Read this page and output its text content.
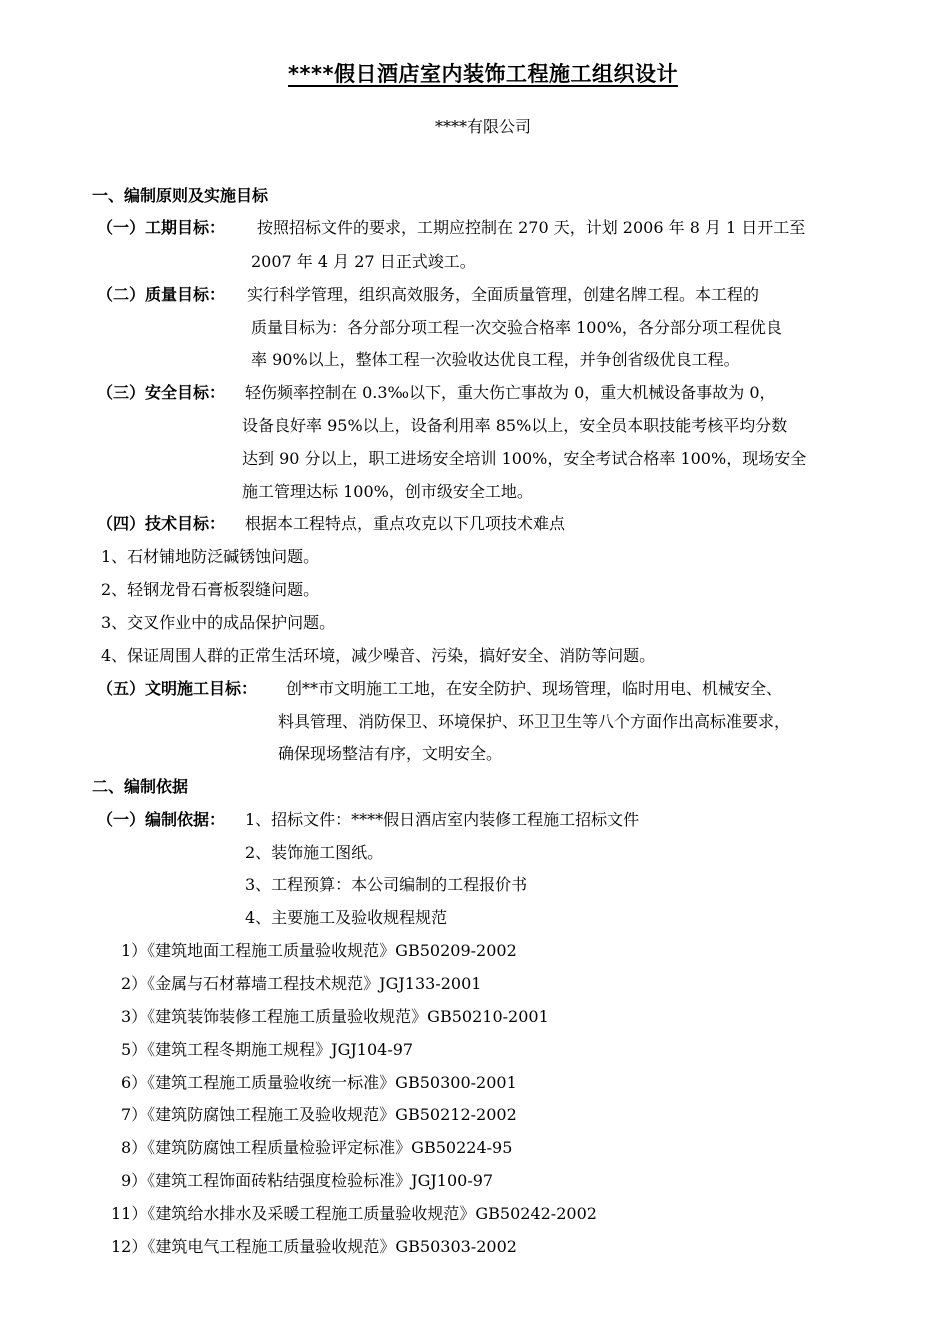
****假日酒店室内装饰工程施工组织设计
****有限公司
一、编制原则及实施目标
（一）工期目标： 按照招标文件的要求，工期应控制在 270 天，计划 2006 年 8 月 1 日开工至
2007 年 4 月 27 日正式竣工。
（二）质量目标： 实行科学管理，组织高效服务，全面质量管理，创建名牌工程。本工程的
质量目标为：各分部分项工程一次交验合格率 100%，各分部分项工程优良
率 90%以上，整体工程一次验收达优良工程，并争创省级优良工程。
（三）安全目标： 轻伤频率控制在 0.3‰以下，重大伤亡事故为 0，重大机械设备事故为 0，
设备良好率 95%以上，设备利用率 85%以上，安全员本职技能考核平均分数
达到 90 分以上，职工进场安全培训 100%，安全考试合格率 100%，现场安全
施工管理达标 100%，创市级安全工地。
（四）技术目标： 根据本工程特点，重点攻克以下几项技术难点
1、石材铺地防泛碱锈蚀问题。
2、轻钢龙骨石膏板裂缝问题。
3、交叉作业中的成品保护问题。
4、保证周围人群的正常生活环境，减少噪音、污染，搞好安全、消防等问题。
（五）文明施工目标： 创**市文明施工工地，在安全防护、现场管理，临时用电、机械安全、
料具管理、消防保卫、环境保护、环卫卫生等八个方面作出高标准要求，
确保现场整洁有序，文明安全。
二、编制依据
（一）编制依据： 1、招标文件：****假日酒店室内装修工程施工招标文件
2、装饰施工图纸。
3、工程预算：本公司编制的工程报价书
4、主要施工及验收规程规范
1）《建筑地面工程施工质量验收规范》GB50209-2002
2）《金属与石材幕墙工程技术规范》JGJ133-2001
3）《建筑装饰装修工程施工质量验收规范》GB50210-2001
5）《建筑工程冬期施工规程》JGJ104-97
6）《建筑工程施工质量验收统一标准》GB50300-2001
7）《建筑防腐蚀工程施工及验收规范》GB50212-2002
8）《建筑防腐蚀工程质量检验评定标准》GB50224-95
9）《建筑工程饰面砖粘结强度检验标准》JGJ100-97
11）《建筑给水排水及采暖工程施工质量验收规范》GB50242-2002
12）《建筑电气工程施工质量验收规范》GB50303-2002
